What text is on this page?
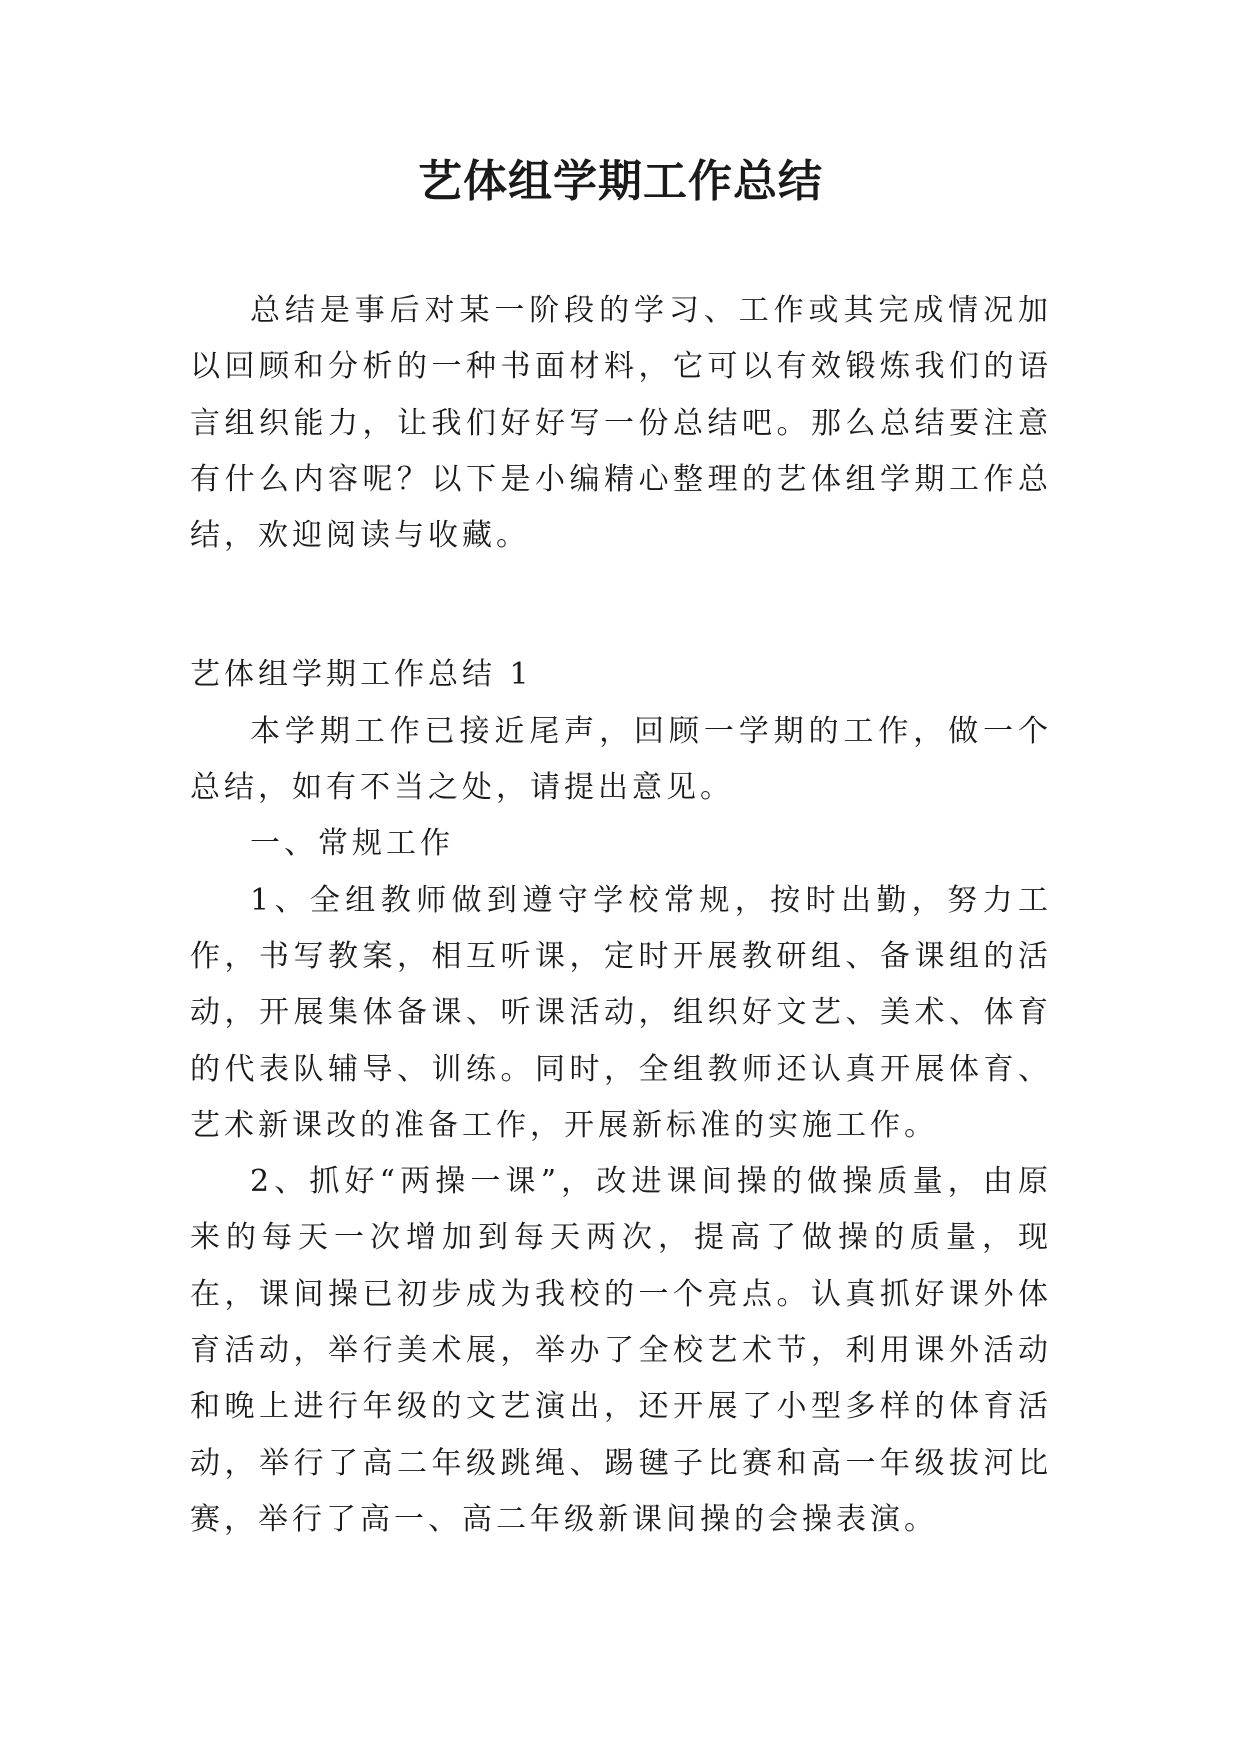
艺体组学期工作总结

总结是事后对某一阶段的学习、工作或其完成情况加以回顾和分析的一种书面材料，它可以有效锻炼我们的语言组织能力，让我们好好写一份总结吧。那么总结要注意有什么内容呢？以下是小编精心整理的艺体组学期工作总结，欢迎阅读与收藏。

艺体组学期工作总结 1

本学期工作已接近尾声，回顾一学期的工作，做一个总结，如有不当之处，请提出意见。

一、常规工作

1、全组教师做到遵守学校常规，按时出勤，努力工作，书写教案，相互听课，定时开展教研组、备课组的活动，开展集体备课、听课活动，组织好文艺、美术、体育的代表队辅导、训练。同时，全组教师还认真开展体育、艺术新课改的准备工作，开展新标准的实施工作。

2、抓好“两操一课”，改进课间操的做操质量，由原来的每天一次增加到每天两次，提高了做操的质量，现在，课间操已初步成为我校的一个亮点。认真抓好课外体育活动，举行美术展，举办了全校艺术节，利用课外活动和晚上进行年级的文艺演出，还开展了小型多样的体育活动，举行了高二年级跳绳、踢毽子比赛和高一年级拔河比赛，举行了高一、高二年级新课间操的会操表演。
